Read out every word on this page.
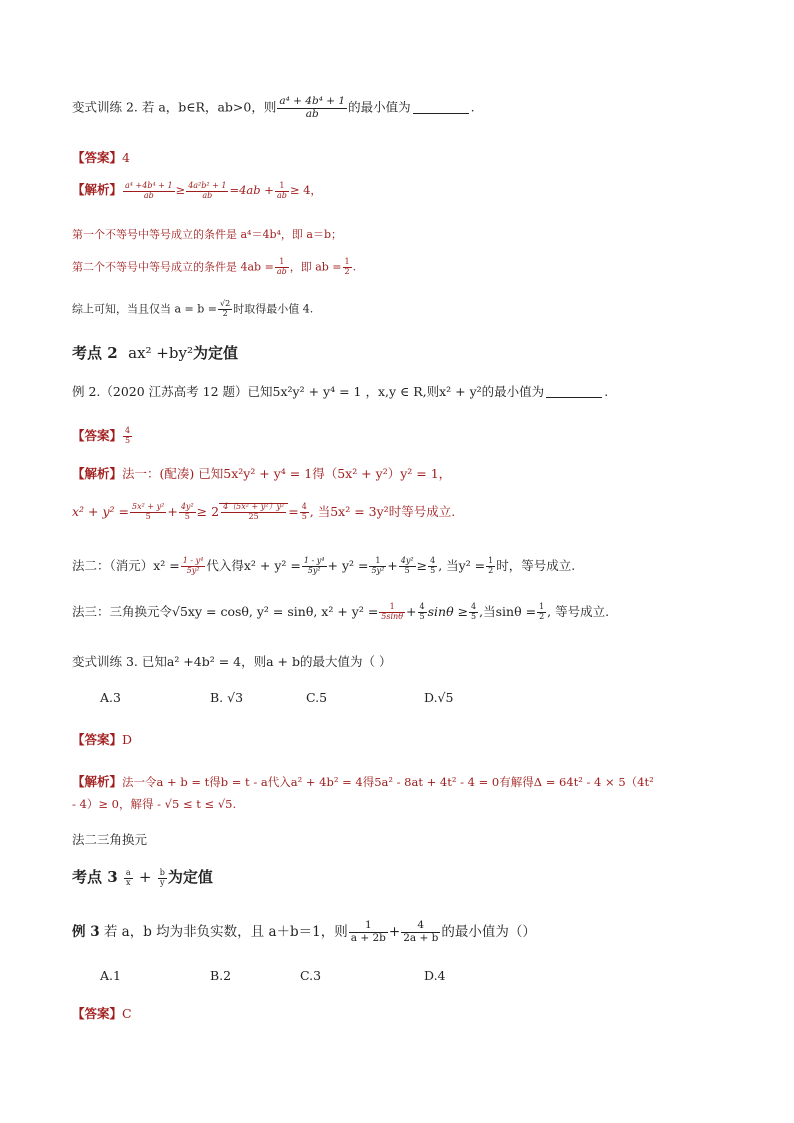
变式训练 2. 若 a，b∈R，ab>0，则 $\frac{\text{a⁴ + 4b⁴ + 1}}{ab}$ 的最小值为	.
【答案】4
【解析】 $\frac{\text{a⁴ +4b⁴ + 1}}{ab} \ge \frac{\text{4a²b² + 1}}{ab} =4ab + \frac{1}{ab} \ge 4$，
第一个不等号中等号成立的条件是 a⁴＝4b⁴，即 a＝b；
第二个不等号中等号成立的条件是 $4ab = \frac{1}{ab}$ ，即 ab = $\frac{1}{2}$ .
综上可知，当且仅当 $a = b = \frac{√2}{2}$ 时取得最小值 4.
考点 2 ax² +by²为定值
例 2.（2020 江苏高考 12 题）已知5x²y² + y⁴ = 1 ，x,y ∈ R,则x² + y²的最小值为	.
【答案】 $\frac{4}{5}$
【解析】法一：(配凑) 已知5x²y² + y⁴ = 1得（5x² + y²）y² = 1，
$x^2 + y^2 = \frac{\text{5x² + y²}}{5} + \frac{\text{4y²}}{5} \ge 2 \frac{\text{4（5x² + y²）y²}}{25} = \frac{4}{5}$ , 当5x² = 3y²时等号成立.
法二：（消元）$x^2 = \frac{\text{1 - y⁴}}{\text{5y²}}$ 代入得$x^2 + y^2 = \frac{\text{1 - y⁴}}{\text{5y²}} + y^2 = \frac{1}{\text{5y²}} + \frac{\text{4y²}}{5} \ge \frac{4}{5}$ , 当$y^2 = \frac{1}{2}$ 时，等号成立.
法三：三角换元令√5xy = cosθ, y² = sinθ, $x^2 + y^2 = \frac{1}{5\sin\theta} + \frac{4}{5}$ $\sin\theta \ge \frac{4}{5}$ ,当$\sin\theta = \frac{1}{2}$ , 等号成立.
变式训练 3. 已知a² +4b² = 4，则a + b的最大值为（ ）
A.3	B. √3	C.5	D.√5
【答案】D
【解析】法一令a + b = t得b = t - a代入a² + 4b² = 4得5a² - 8at + 4t² - 4 = 0有解得Δ = 64t² - 4 × 5（4t²
- 4）≥ 0，解得 - √5 ≤ t ≤ √5.
法二三角换元
考点 $3 \frac{a}{x} + \frac{b}{y}$ 为定值
例 3 若 a，b 均为非负实数，且 a＋b＝1，则 $\frac{1}{a + 2b} + \frac{4}{2a + b}$ 的最小值为（）
A.1	B.2	C.3	D.4
【答案】C
